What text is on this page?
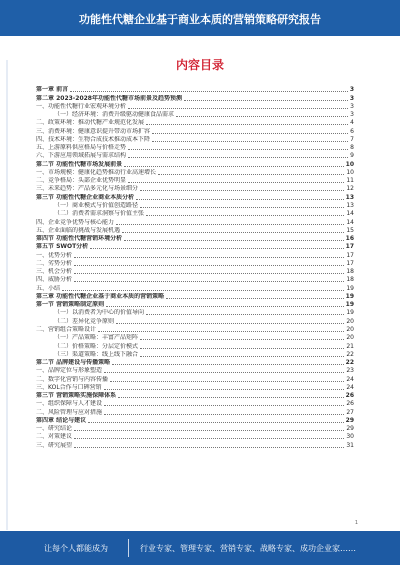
功能性代糖企业基于商业本质的营销策略研究报告
内容目录
第一章 前言	3
第二章 2023-2028年功能性代糖市场前景及趋势预测	3
一、功能性代糖行业宏观环境分析	3
（一）经济环境：消费升级驱动健康食品需求	3
二、政策环境：推动代糖产业规范化发展	4
三、消费环境：健康意识提升带动市场扩容	6
四、技术环境：生物合成技术推动成本下降	7
五、上游原料供应格局与价格走势	8
六、下游应用领域拓展与需求结构	9
第二节 功能性代糖市场发展前景	10
一、市场规模：健康化趋势推动行业高速增长	10
二、竞争格局：头部企业优势明显	11
三、未来趋势：产品多元化与场景细分	12
第三节 功能性代糖企业商业本质分析	13
（一）商业模式与价值创造路径	13
（二）消费者需求洞察与价值主张	14
四、企业竞争优势与核心能力	14
五、企业面临的挑战与发展机遇	15
第四节 功能性代糖营销环境分析	16
第五节 SWOT分析	17
一、优势分析	17
二、劣势分析	17
三、机会分析	18
四、威胁分析	18
五、小结	19
第三章 功能性代糖企业基于商业本质的营销策略	19
第一节 营销策略制定原则	19
（一）以消费者为中心的价值导向	19
（二）差异化竞争原则	20
二、营销组合策略设计	20
（一）产品策略：丰富产品矩阵	20
（二）价格策略：分层定价模式	21
（三）渠道策略：线上线下融合	22
第二节 品牌建设与传播策略	22
一、品牌定位与形象塑造	23
二、数字化营销与内容传播	24
三、KOL合作与口碑营销	24
第三节 营销策略实施保障体系	26
一、组织保障与人才建设	26
二、风险管理与应对措施	27
第四章 结论与建议	29
一、研究结论	29
二、对策建议	30
三、研究展望	31
1
让每个人都能成为	行业专家、管理专家、营销专家、战略专家、成功企业家……
